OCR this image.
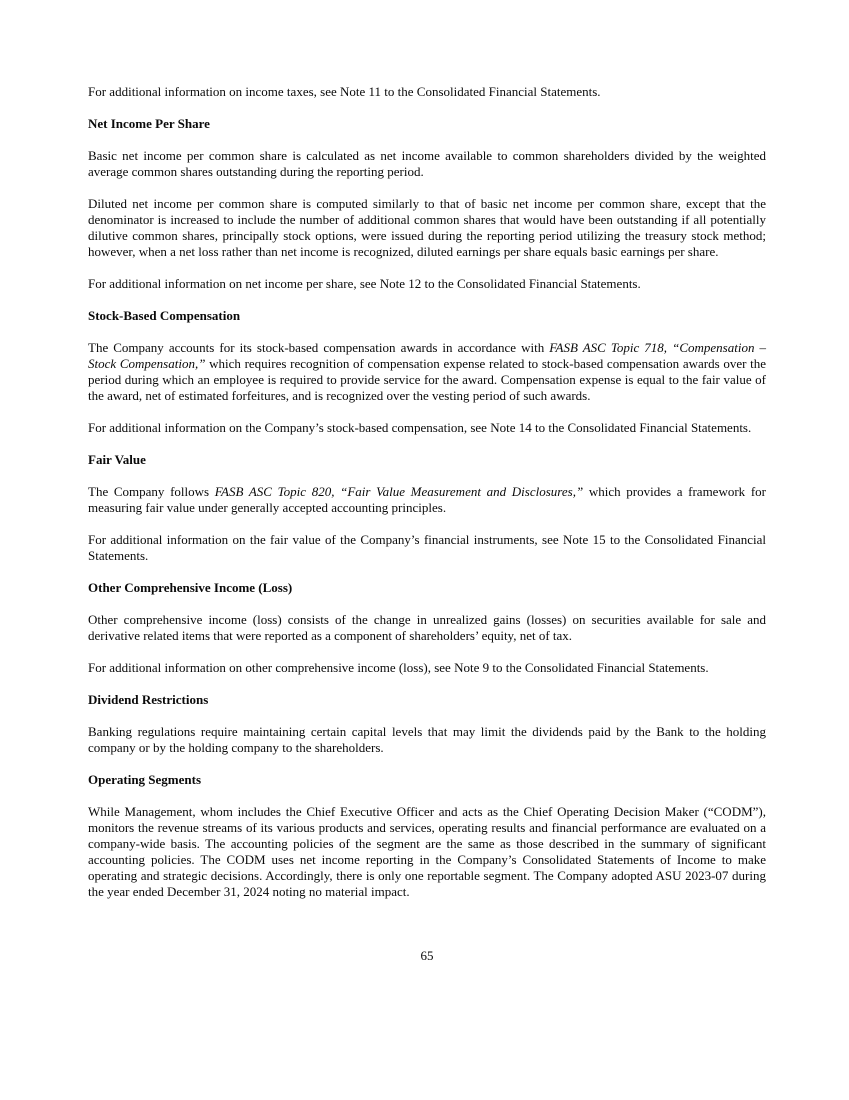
For additional information on income taxes, see Note 11 to the Consolidated Financial Statements.

Net Income Per Share

Basic net income per common share is calculated as net income available to common shareholders divided by the weighted average common shares outstanding during the reporting period.

Diluted net income per common share is computed similarly to that of basic net income per common share, except that the denominator is increased to include the number of additional common shares that would have been outstanding if all potentially dilutive common shares, principally stock options, were issued during the reporting period utilizing the treasury stock method; however, when a net loss rather than net income is recognized, diluted earnings per share equals basic earnings per share.

For additional information on net income per share, see Note 12 to the Consolidated Financial Statements.

Stock-Based Compensation

The Company accounts for its stock-based compensation awards in accordance with FASB ASC Topic 718, “Compensation – Stock Compensation,” which requires recognition of compensation expense related to stock-based compensation awards over the period during which an employee is required to provide service for the award. Compensation expense is equal to the fair value of the award, net of estimated forfeitures, and is recognized over the vesting period of such awards.

For additional information on the Company’s stock-based compensation, see Note 14 to the Consolidated Financial Statements.

Fair Value

The Company follows FASB ASC Topic 820, “Fair Value Measurement and Disclosures,” which provides a framework for measuring fair value under generally accepted accounting principles.

For additional information on the fair value of the Company’s financial instruments, see Note 15 to the Consolidated Financial Statements.

Other Comprehensive Income (Loss)

Other comprehensive income (loss) consists of the change in unrealized gains (losses) on securities available for sale and derivative related items that were reported as a component of shareholders’ equity, net of tax.

For additional information on other comprehensive income (loss), see Note 9 to the Consolidated Financial Statements.

Dividend Restrictions

Banking regulations require maintaining certain capital levels that may limit the dividends paid by the Bank to the holding company or by the holding company to the shareholders.

Operating Segments

While Management, whom includes the Chief Executive Officer and acts as the Chief Operating Decision Maker (“CODM”), monitors the revenue streams of its various products and services, operating results and financial performance are evaluated on a company-wide basis. The accounting policies of the segment are the same as those described in the summary of significant accounting policies. The CODM uses net income reporting in the Company’s Consolidated Statements of Income to make operating and strategic decisions. Accordingly, there is only one reportable segment. The Company adopted ASU 2023-07 during the year ended December 31, 2024 noting no material impact.

65
